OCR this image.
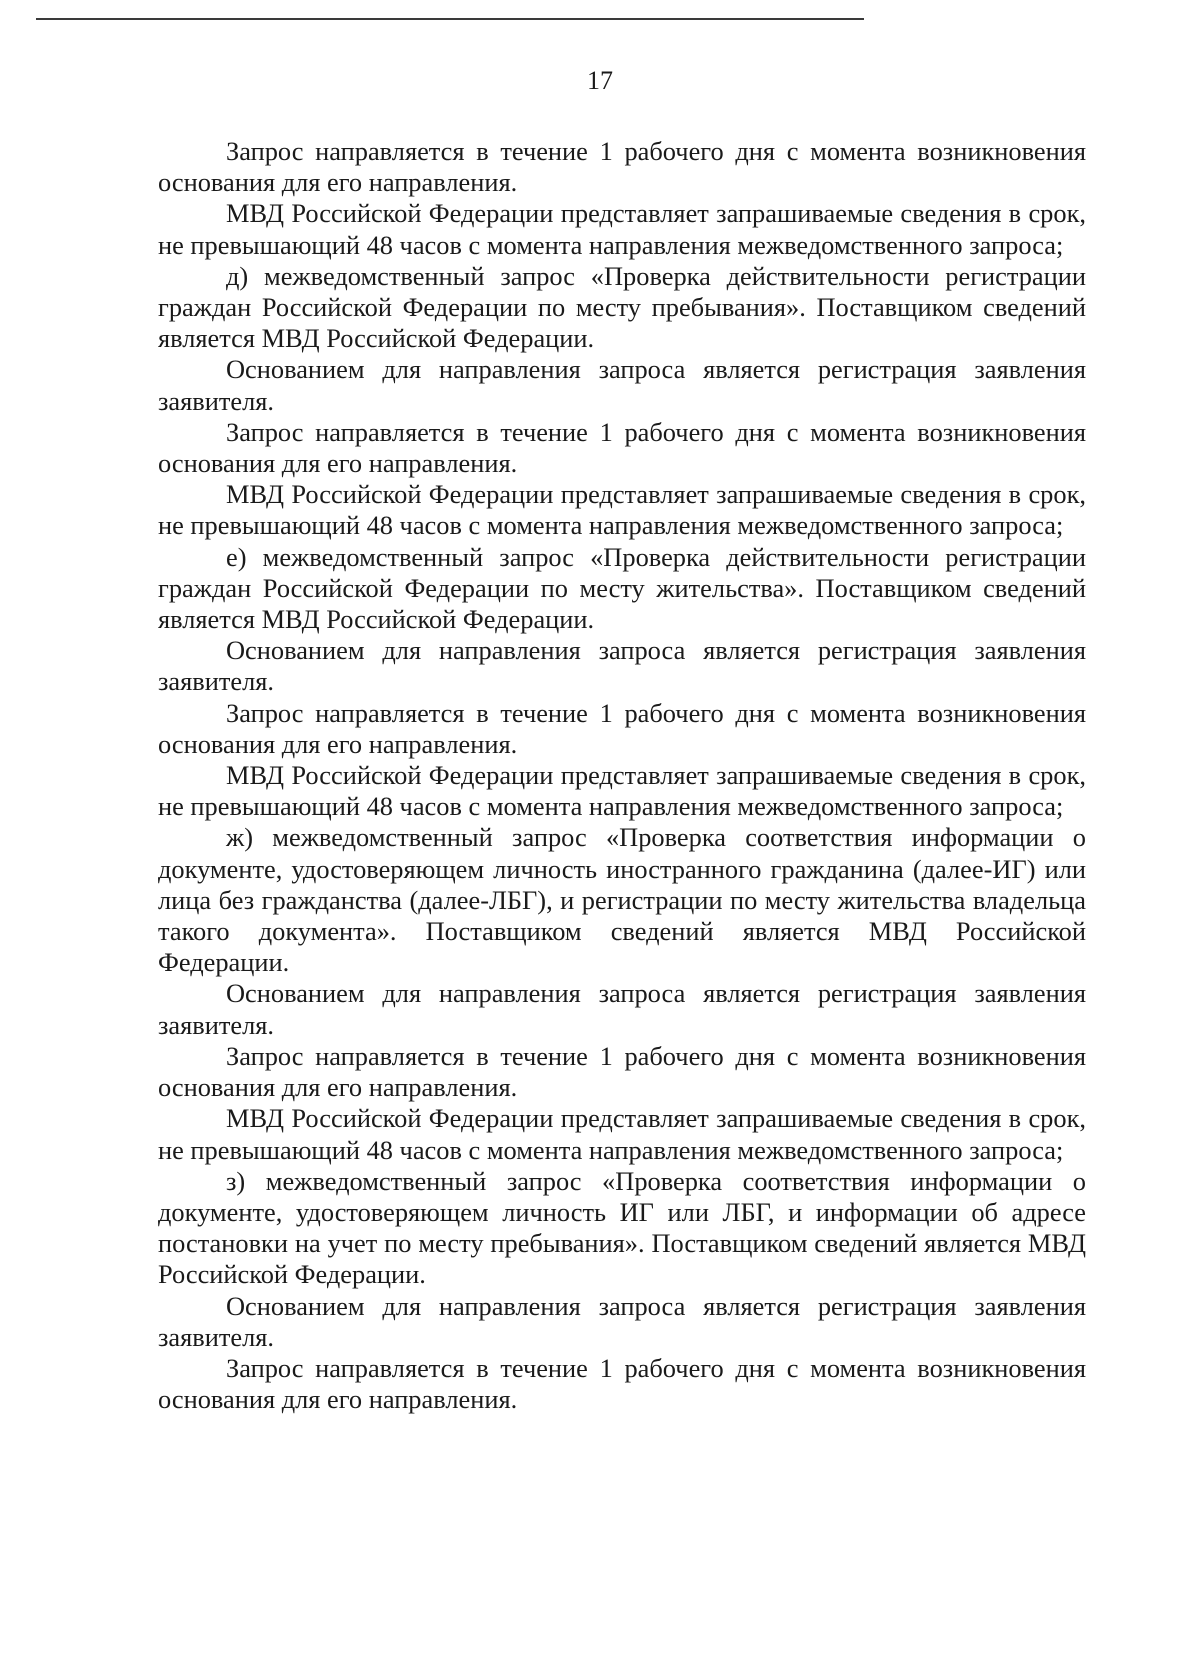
17

Запрос направляется в течение 1 рабочего дня с момента возникновения основания для его направления.

МВД Российской Федерации представляет запрашиваемые сведения в срок, не превышающий 48 часов с момента направления межведомственного запроса;

д) межведомственный запрос «Проверка действительности регистрации граждан Российской Федерации по месту пребывания». Поставщиком сведений является МВД Российской Федерации.

Основанием для направления запроса является регистрация заявления заявителя.

Запрос направляется в течение 1 рабочего дня с момента возникновения основания для его направления.

МВД Российской Федерации представляет запрашиваемые сведения в срок, не превышающий 48 часов с момента направления межведомственного запроса;

е) межведомственный запрос «Проверка действительности регистрации граждан Российской Федерации по месту жительства». Поставщиком сведений является МВД Российской Федерации.

Основанием для направления запроса является регистрация заявления заявителя.

Запрос направляется в течение 1 рабочего дня с момента возникновения основания для его направления.

МВД Российской Федерации представляет запрашиваемые сведения в срок, не превышающий 48 часов с момента направления межведомственного запроса;

ж) межведомственный запрос «Проверка соответствия информации о документе, удостоверяющем личность иностранного гражданина (далее-ИГ) или лица без гражданства (далее-ЛБГ), и регистрации по месту жительства владельца такого документа». Поставщиком сведений является МВД Российской Федерации.

Основанием для направления запроса является регистрация заявления заявителя.

Запрос направляется в течение 1 рабочего дня с момента возникновения основания для его направления.

МВД Российской Федерации представляет запрашиваемые сведения в срок, не превышающий 48 часов с момента направления межведомственного запроса;

з) межведомственный запрос «Проверка соответствия информации о документе, удостоверяющем личность ИГ или ЛБГ, и информации об адресе постановки на учет по месту пребывания». Поставщиком сведений является МВД Российской Федерации.

Основанием для направления запроса является регистрация заявления заявителя.

Запрос направляется в течение 1 рабочего дня с момента возникновения основания для его направления.
